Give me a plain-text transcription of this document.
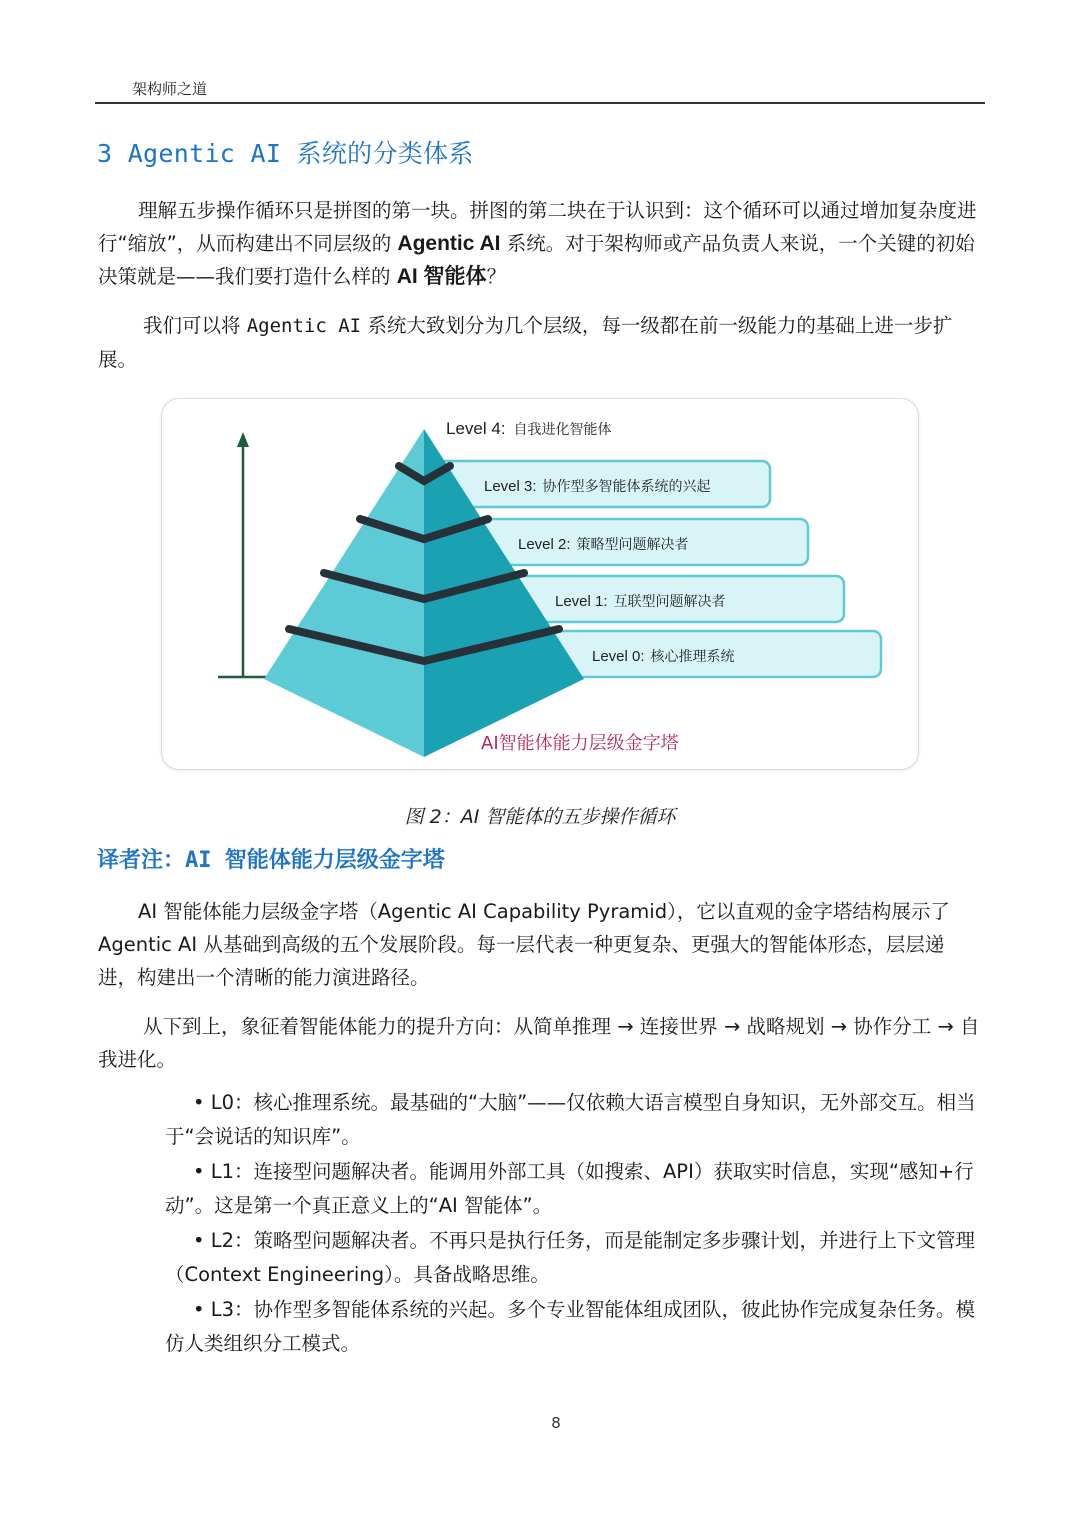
架构师之道
3 Agentic AI 系统的分类体系

理解五步操作循环只是拼图的第一块。拼图的第二块在于认识到：这个循环可以通过增加复杂度进行“缩放”，从而构建出不同层级的 Agentic AI 系统。对于架构师或产品负责人来说，一个关键的初始决策就是——我们要打造什么样的 AI 智能体？

我们可以将 Agentic AI 系统大致划分为几个层级，每一级都在前一级能力的基础上进一步扩展。

Level 4: 自我进化智能体
Level 3: 协作型多智能体系统的兴起
Level 2: 策略型问题解决者
Level 1: 互联型问题解决者
Level 0: 核心推理系统
AI智能体能力层级金字塔
图 2：AI 智能体的五步操作循环
译者注：AI 智能体能力层级金字塔

AI 智能体能力层级金字塔（Agentic AI Capability Pyramid），它以直观的金字塔结构展示了 Agentic AI 从基础到高级的五个发展阶段。每一层代表一种更复杂、更强大的智能体形态，层层递进，构建出一个清晰的能力演进路径。

从下到上，象征着智能体能力的提升方向：从简单推理 → 连接世界 → 战略规划 → 协作分工 → 自我进化。

• L0：核心推理系统。最基础的“大脑”——仅依赖大语言模型自身知识，无外部交互。相当于“会说话的知识库”。

• L1：连接型问题解决者。能调用外部工具（如搜索、API）获取实时信息，实现“感知+行动”。这是第一个真正意义上的“AI 智能体”。

• L2：策略型问题解决者。不再只是执行任务，而是能制定多步骤计划，并进行上下文管理（Context Engineering）。具备战略思维。

• L3：协作型多智能体系统的兴起。多个专业智能体组成团队，彼此协作完成复杂任务。模仿人类组织分工模式。

8
